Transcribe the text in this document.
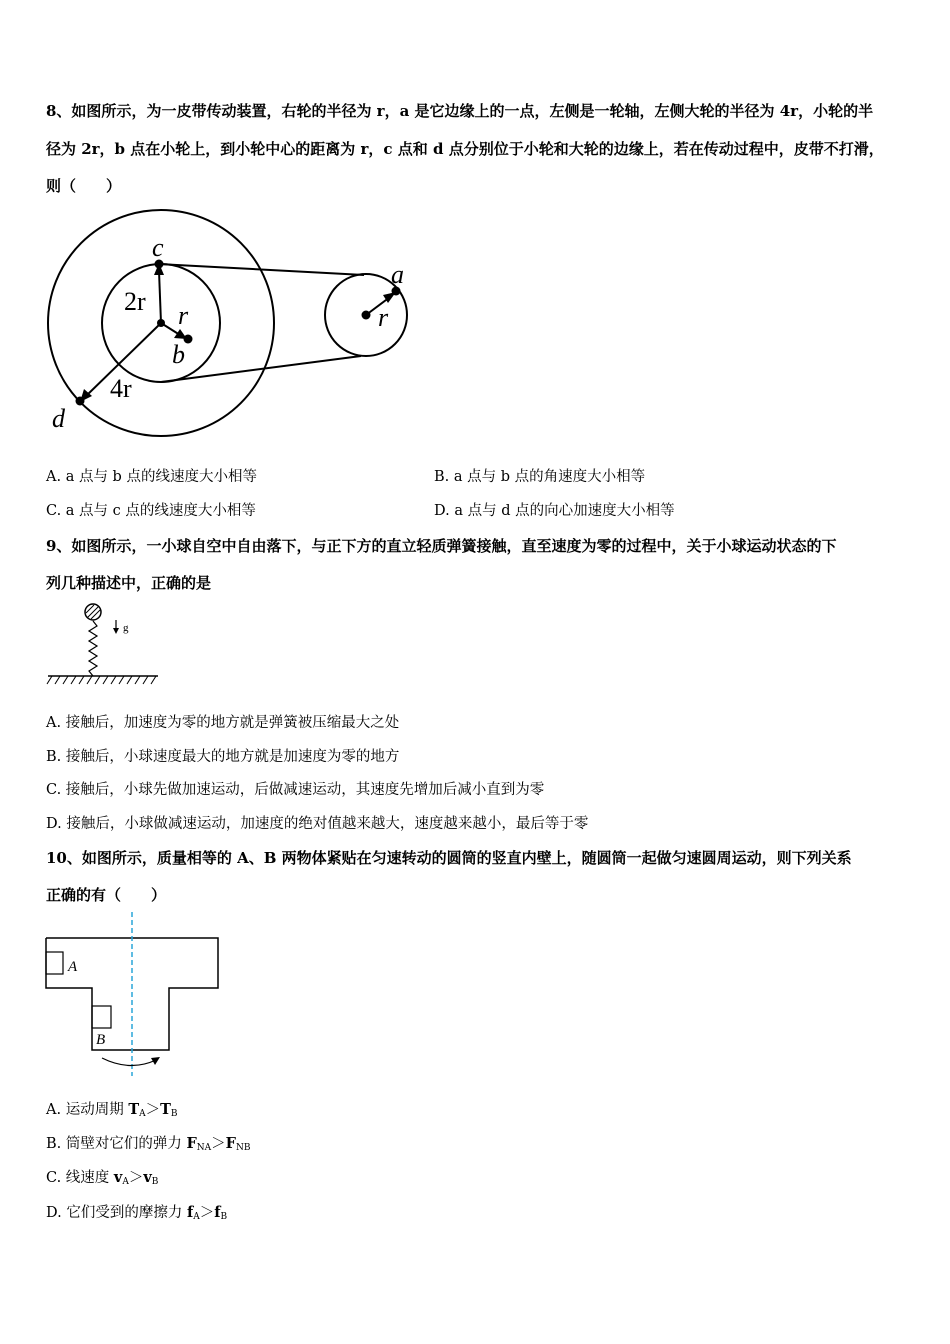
8、如图所示，为一皮带传动装置，右轮的半径为 r，a 是它边缘上的一点，左侧是一轮轴，左侧大轮的半径为 4r，小轮的半
径为 2r，b 点在小轮上，到小轮中心的距离为 r，c 点和 d 点分别位于小轮和大轮的边缘上，若在传动过程中，皮带不打滑，
则（　　）
c
a
2r r	r
b
4r
d
A. a 点与 b 点的线速度大小相等	B. a 点与 b 点的角速度大小相等
C. a 点与 c 点的线速度大小相等	D. a 点与 d 点的向心加速度大小相等
9、如图所示，一小球自空中自由落下，与正下方的直立轻质弹簧接触，直至速度为零的过程中，关于小球运动状态的下
列几种描述中，正确的是
g
A. 接触后，加速度为零的地方就是弹簧被压缩最大之处
B. 接触后，小球速度最大的地方就是加速度为零的地方
C. 接触后，小球先做加速运动，后做减速运动，其速度先增加后减小直到为零
D. 接触后，小球做减速运动，加速度的绝对值越来越大，速度越来越小，最后等于零
10、如图所示，质量相等的 A、B 两物体紧贴在匀速转动的圆筒的竖直内壁上，随圆筒一起做匀速圆周运动，则下列关系
正确的有（　　）
A
B
A. 运动周期 $T_A>T_B$
B. 筒壁对它们的弹力 $F_{NA}>F_{NB}$
C. 线速度 $v_A>v_B$
D. 它们受到的摩擦力 $f_A>f_B$
